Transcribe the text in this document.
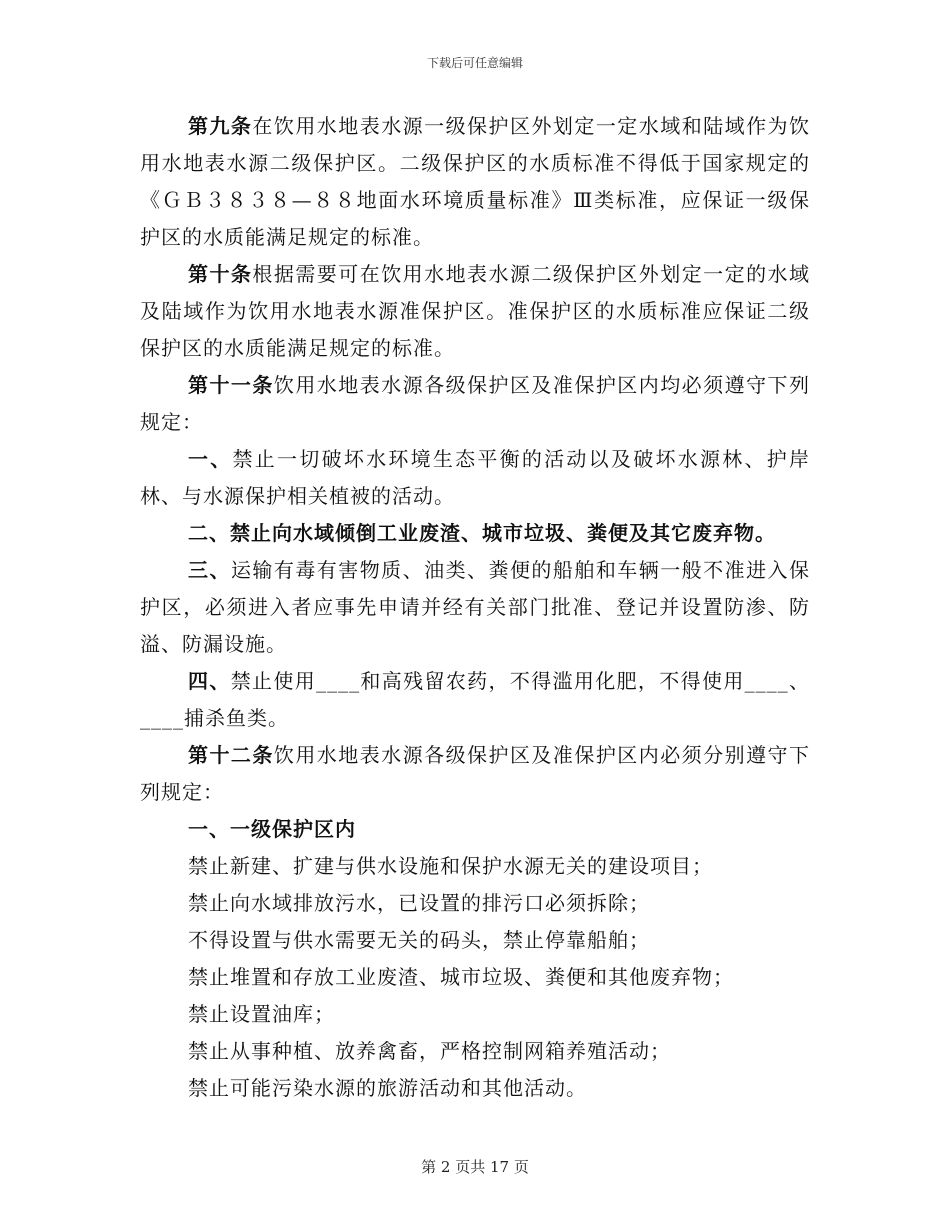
下载后可任意编辑

第九条在饮用水地表水源一级保护区外划定一定水域和陆域作为饮用水地表水源二级保护区。二级保护区的水质标准不得低于国家规定的《ＧＢ３８３８—８８地面水环境质量标准》Ⅲ类标准，应保证一级保护区的水质能满足规定的标准。

第十条根据需要可在饮用水地表水源二级保护区外划定一定的水域及陆域作为饮用水地表水源准保护区。准保护区的水质标准应保证二级保护区的水质能满足规定的标准。

第十一条饮用水地表水源各级保护区及准保护区内均必须遵守下列规定：

一、禁止一切破坏水环境生态平衡的活动以及破坏水源林、护岸林、与水源保护相关植被的活动。

二、禁止向水域倾倒工业废渣、城市垃圾、粪便及其它废弃物。

三、运输有毒有害物质、油类、粪便的船舶和车辆一般不准进入保护区，必须进入者应事先申请并经有关部门批准、登记并设置防渗、防溢、防漏设施。

四、禁止使用____和高残留农药，不得滥用化肥，不得使用____、____捕杀鱼类。

第十二条饮用水地表水源各级保护区及准保护区内必须分别遵守下列规定：

一、一级保护区内

禁止新建、扩建与供水设施和保护水源无关的建设项目；

禁止向水域排放污水，已设置的排污口必须拆除；

不得设置与供水需要无关的码头，禁止停靠船舶；

禁止堆置和存放工业废渣、城市垃圾、粪便和其他废弃物；

禁止设置油库；

禁止从事种植、放养禽畜，严格控制网箱养殖活动；

禁止可能污染水源的旅游活动和其他活动。

第 2 页共 17 页
